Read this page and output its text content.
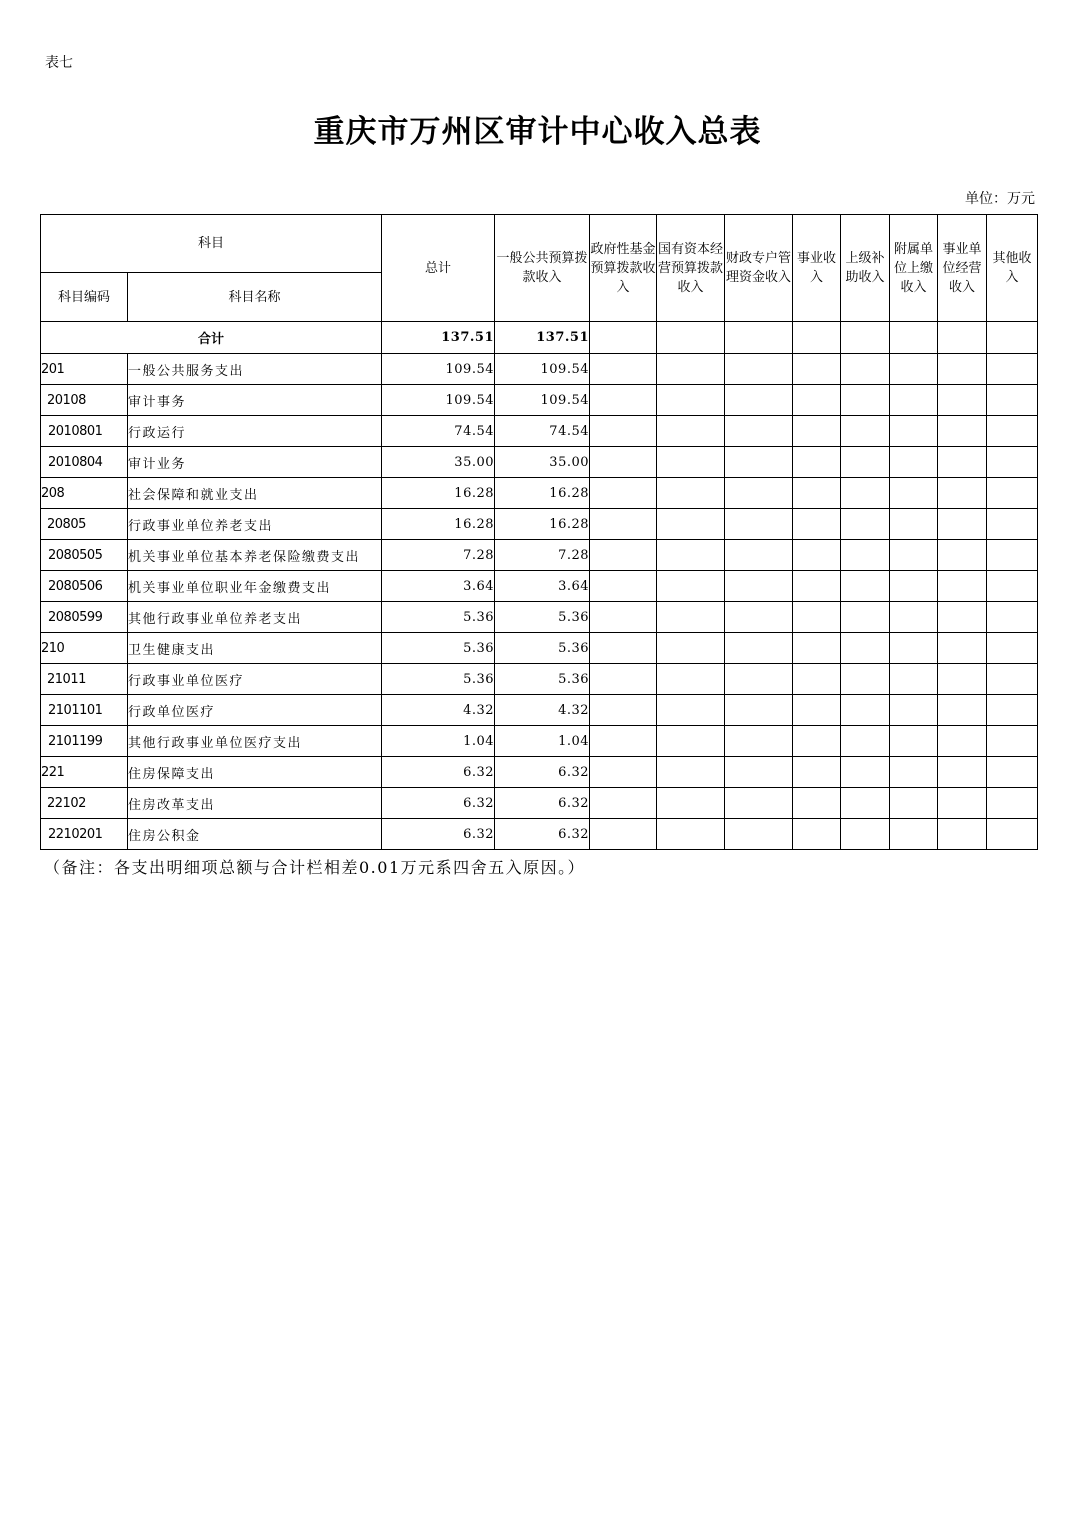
表七
重庆市万州区审计中心收入总表
单位：万元
科目		总计	一般公共预算拨款收入	政府性基金预算拨款收入	国有资本经营预算拨款收入	财政专户管理资金收入	事业收入	上级补助收入	附属单位上缴收入	事业单位经营收入	其他收入
科目编码	科目名称										
合计		137.51	137.51								
201	一般公共服务支出	109.54	109.54								
20108	审计事务	109.54	109.54								
2010801	行政运行	74.54	74.54								
2010804	审计业务	35.00	35.00								
208	社会保障和就业支出	16.28	16.28								
20805	行政事业单位养老支出	16.28	16.28								
2080505	机关事业单位基本养老保险缴费支出	7.28	7.28								
2080506	机关事业单位职业年金缴费支出	3.64	3.64								
2080599	其他行政事业单位养老支出	5.36	5.36								
210	卫生健康支出	5.36	5.36								
21011	行政事业单位医疗	5.36	5.36								
2101101	行政单位医疗	4.32	4.32								
2101199	其他行政事业单位医疗支出	1.04	1.04								
221	住房保障支出	6.32	6.32								
22102	住房改革支出	6.32	6.32								
2210201	住房公积金	6.32	6.32								
（备注：各支出明细项总额与合计栏相差0.01万元系四舍五入原因。）
